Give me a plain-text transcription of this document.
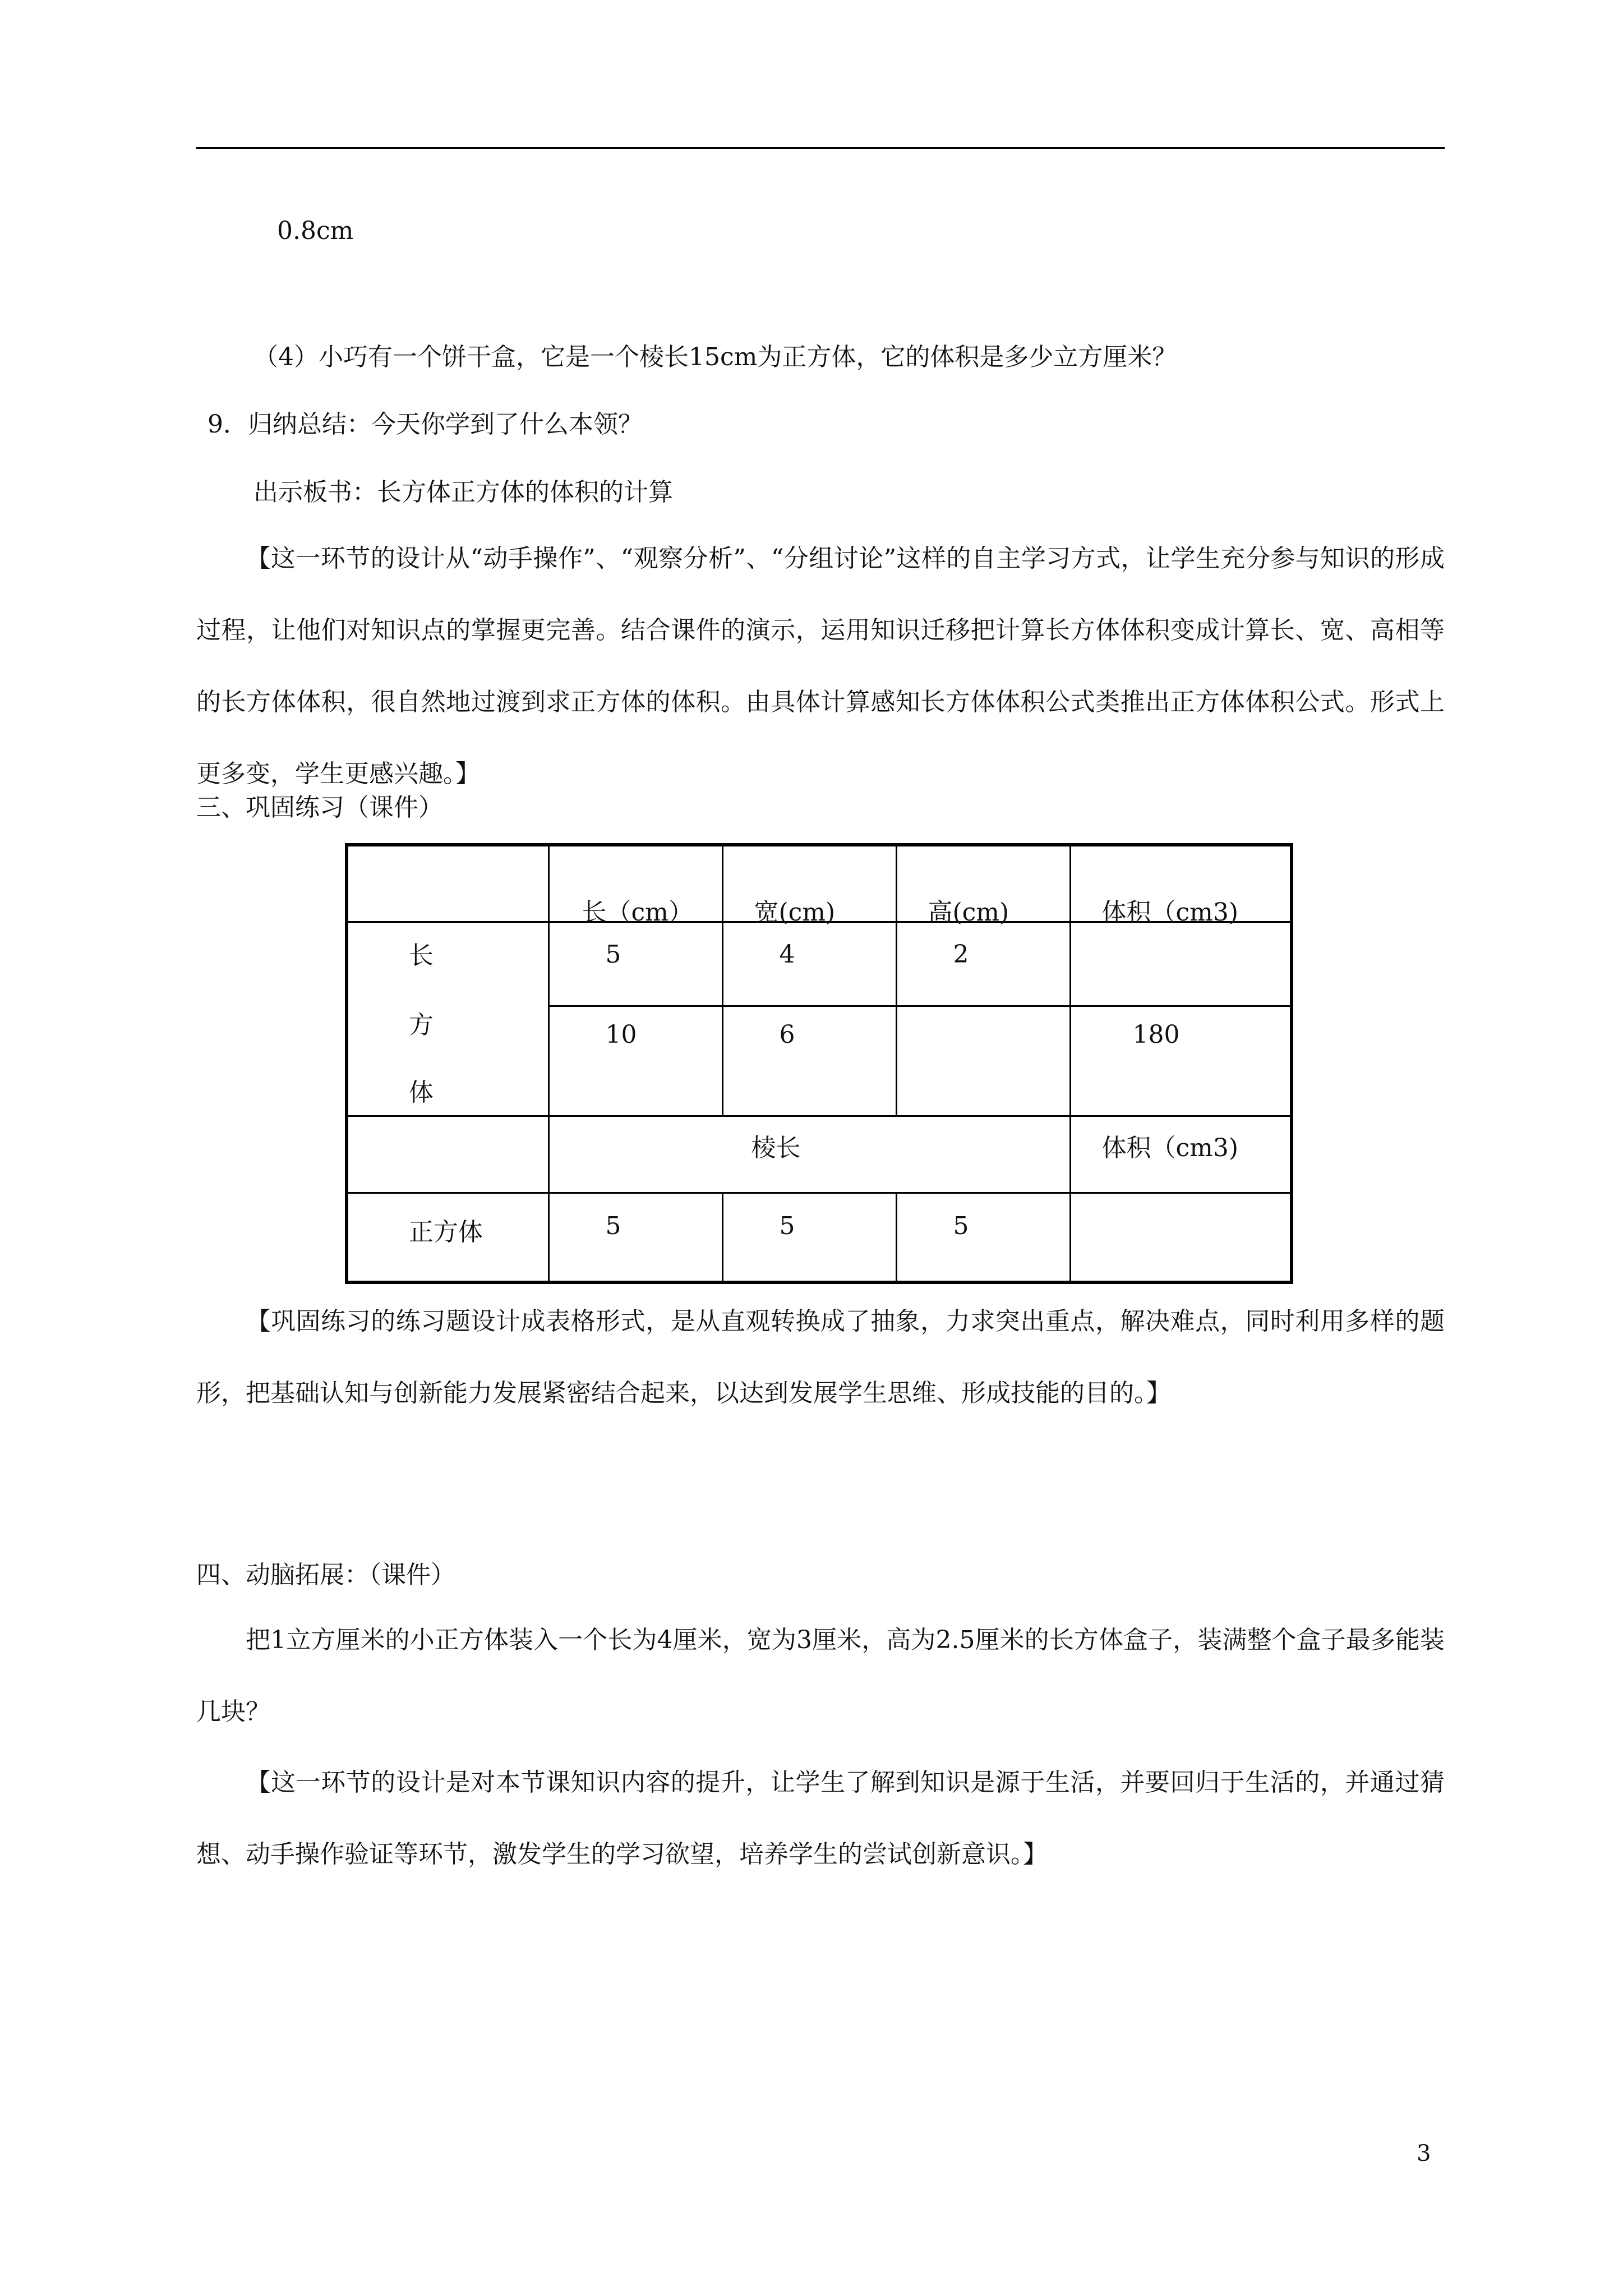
0.8cm
（4）小巧有一个饼干盒，它是一个棱长15cm为正方体，它的体积是多少立方厘米？
9．归纳总结：今天你学到了什么本领？
出示板书：长方体正方体的体积的计算
【这一环节的设计从“动手操作”、“观察分析”、“分组讨论”这样的自主学习方式，让学生充分参与知识的形成过程，让他们对知识点的掌握更完善。结合课件的演示，运用知识迁移把计算长方体体积变成计算长、宽、高相等的长方体体积，很自然地过渡到求正方体的体积。由具体计算感知长方体体积公式类推出正方体体积公式。形式上更多变，学生更感兴趣。】
三、巩固练习（课件）

	长（cm）	宽(cm)	高(cm)	体积（cm3)

长
方
体	5	4	2	

	10	6		180

	棱长			体积（cm3)

正方体	5	5	5	

【巩固练习的练习题设计成表格形式，是从直观转换成了抽象，力求突出重点，解决难点，同时利用多样的题形，把基础认知与创新能力发展紧密结合起来，以达到发展学生思维、形成技能的目的。】
四、动脑拓展：（课件）
把1立方厘米的小正方体装入一个长为4厘米，宽为3厘米，高为2.5厘米的长方体盒子，装满整个盒子最多能装几块？
【这一环节的设计是对本节课知识内容的提升，让学生了解到知识是源于生活，并要回归于生活的，并通过猜想、动手操作验证等环节，激发学生的学习欲望，培养学生的尝试创新意识。】
3
